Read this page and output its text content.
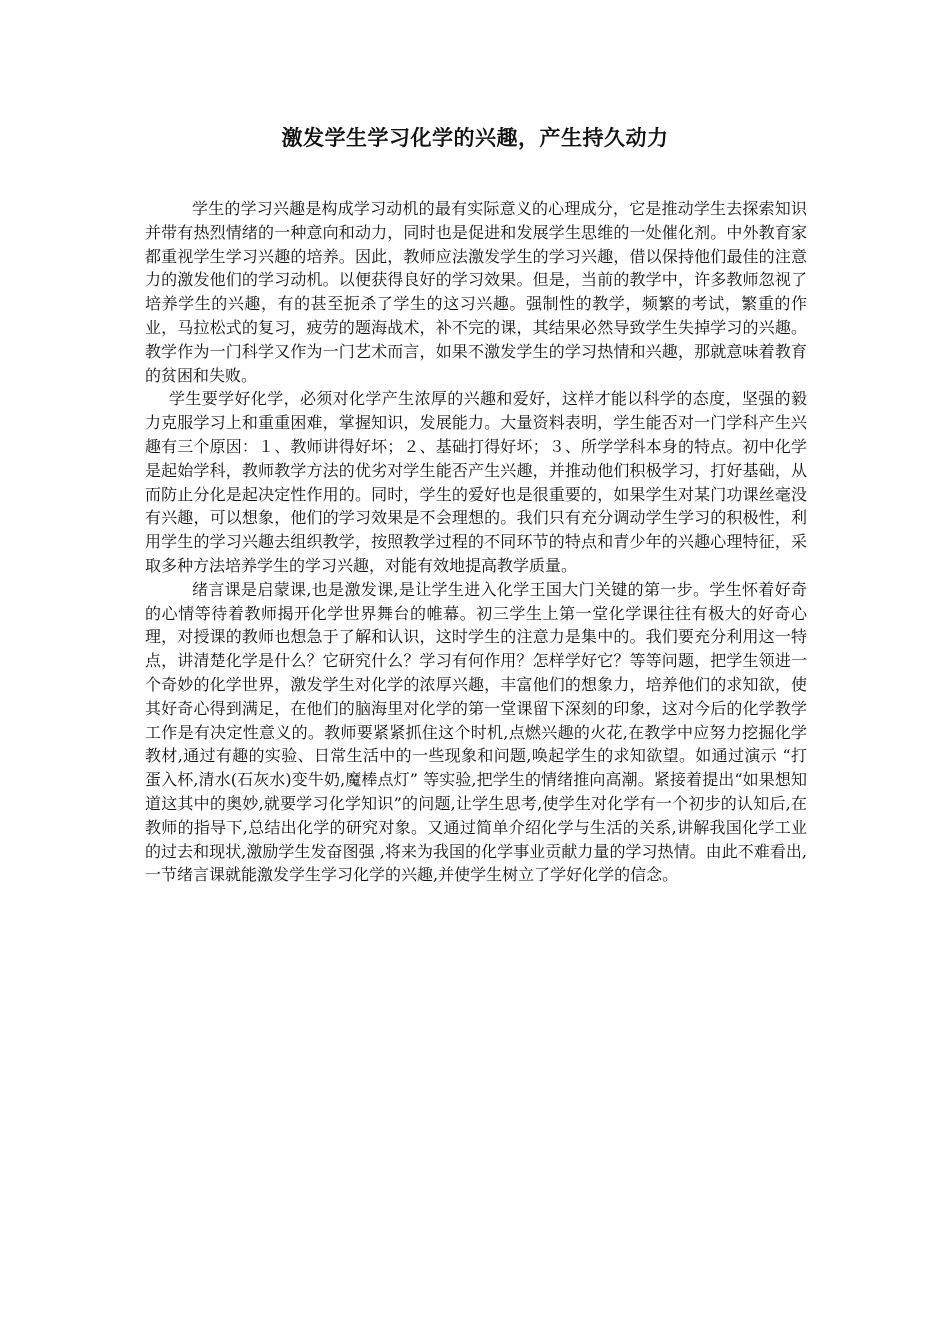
激发学生学习化学的兴趣，产生持久动力

学生的学习兴趣是构成学习动机的最有实际意义的心理成分，它是推动学生去探索知识并带有热烈情绪的一种意向和动力，同时也是促进和发展学生思维的一处催化剂。中外教育家都重视学生学习兴趣的培养。因此，教师应法激发学生的学习兴趣，借以保持他们最佳的注意力的激发他们的学习动机。以便获得良好的学习效果。但是，当前的教学中，许多教师忽视了培养学生的兴趣，有的甚至扼杀了学生的这习兴趣。强制性的教学，频繁的考试，繁重的作业，马拉松式的复习，疲劳的题海战术，补不完的课，其结果必然导致学生失掉学习的兴趣。教学作为一门科学又作为一门艺术而言，如果不激发学生的学习热情和兴趣，那就意味着教育的贫困和失败。

学生要学好化学，必须对化学产生浓厚的兴趣和爱好，这样才能以科学的态度，坚强的毅力克服学习上和重重困难，掌握知识，发展能力。大量资料表明，学生能否对一门学科产生兴趣有三个原因：１、教师讲得好坏；２、基础打得好坏；３、所学学科本身的特点。初中化学是起始学科，教师教学方法的优劣对学生能否产生兴趣，并推动他们积极学习，打好基础，从而防止分化是起决定性作用的。同时，学生的爱好也是很重要的，如果学生对某门功课丝毫没有兴趣，可以想象，他们的学习效果是不会理想的。我们只有充分调动学生学习的积极性，利用学生的学习兴趣去组织教学，按照教学过程的不同环节的特点和青少年的兴趣心理特征，采取多种方法培养学生的学习兴趣，对能有效地提高教学质量。

绪言课是启蒙课,也是激发课,是让学生进入化学王国大门关键的第一步。学生怀着好奇的心情等待着教师揭开化学世界舞台的帷幕。初三学生上第一堂化学课往往有极大的好奇心理，对授课的教师也想急于了解和认识，这时学生的注意力是集中的。我们要充分利用这一特点，讲清楚化学是什么？它研究什么？学习有何作用？怎样学好它？等等问题，把学生领进一个奇妙的化学世界，激发学生对化学的浓厚兴趣，丰富他们的想象力，培养他们的求知欲，使其好奇心得到满足，在他们的脑海里对化学的第一堂课留下深刻的印象，这对今后的化学教学工作是有决定性意义的。教师要紧紧抓住这个时机,点燃兴趣的火花,在教学中应努力挖掘化学教材,通过有趣的实验、日常生活中的一些现象和问题,唤起学生的求知欲望。如通过演示 “打蛋入杯,清水(石灰水)变牛奶,魔棒点灯” 等实验,把学生的情绪推向高潮。紧接着提出“如果想知道这其中的奥妙,就要学习化学知识”的问题,让学生思考,使学生对化学有一个初步的认知后,在教师的指导下,总结出化学的研究对象。又通过简单介绍化学与生活的关系,讲解我国化学工业的过去和现状,激励学生发奋图强 ,将来为我国的化学事业贡献力量的学习热情。由此不难看出,一节绪言课就能激发学生学习化学的兴趣,并使学生树立了学好化学的信念。
